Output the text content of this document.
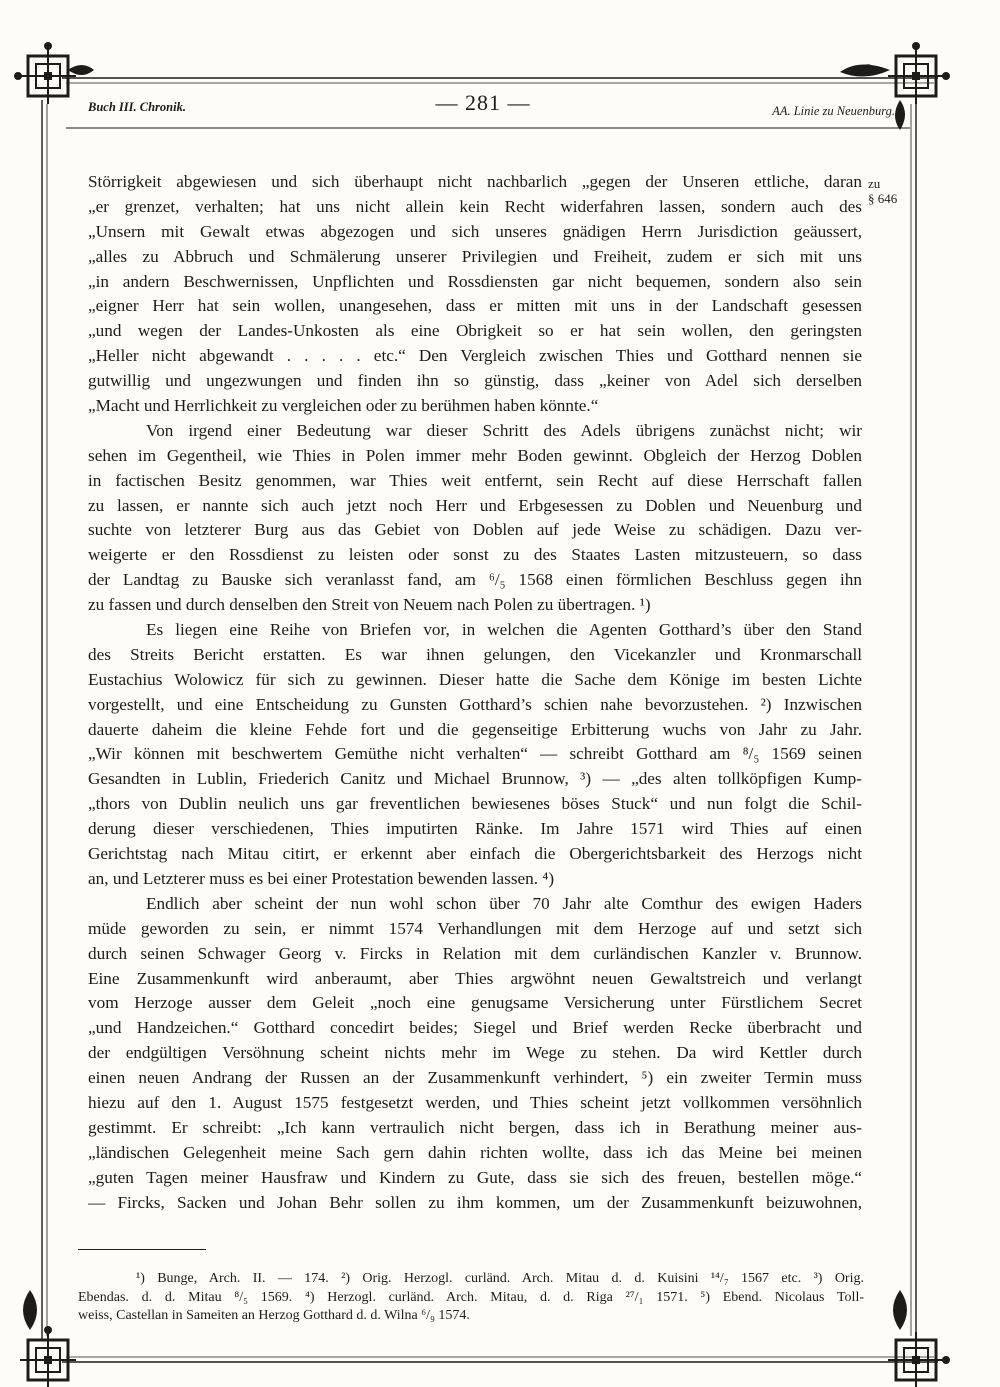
Buch III. Chronik.	— 281 —	AA. Linie zu Neuenburg.
zu
§ 646
Störrigkeit abgewiesen und sich überhaupt nicht nachbarlich „gegen der Unseren ettliche, daran
„er grenzet, verhalten; hat uns nicht allein kein Recht widerfahren lassen, sondern auch des
„Unsern mit Gewalt etwas abgezogen und sich unseres gnädigen Herrn Jurisdiction geäussert,
„alles zu Abbruch und Schmälerung unserer Privilegien und Freiheit, zudem er sich mit uns
„in andern Beschwernissen, Unpflichten und Rossdiensten gar nicht bequemen, sondern also sein
„eigner Herr hat sein wollen, unangesehen, dass er mitten mit uns in der Landschaft gesessen
„und wegen der Landes-Unkosten als eine Obrigkeit so er hat sein wollen, den geringsten
„Heller nicht abgewandt . . . . . etc.“ Den Vergleich zwischen Thies und Gotthard nennen sie
gutwillig und ungezwungen und finden ihn so günstig, dass „keiner von Adel sich derselben
„Macht und Herrlichkeit zu vergleichen oder zu berühmen haben könnte.“
Von irgend einer Bedeutung war dieser Schritt des Adels übrigens zunächst nicht; wir
sehen im Gegentheil, wie Thies in Polen immer mehr Boden gewinnt. Obgleich der Herzog Doblen
in factischen Besitz genommen, war Thies weit entfernt, sein Recht auf diese Herrschaft fallen
zu lassen, er nannte sich auch jetzt noch Herr und Erbgesessen zu Doblen und Neuenburg und
suchte von letzterer Burg aus das Gebiet von Doblen auf jede Weise zu schädigen. Dazu ver-
weigerte er den Rossdienst zu leisten oder sonst zu des Staates Lasten mitzusteuern, so dass
der Landtag zu Bauske sich veranlasst fand, am ⁶/₅ 1568 einen förmlichen Beschluss gegen ihn
zu fassen und durch denselben den Streit von Neuem nach Polen zu übertragen. ¹)
Es liegen eine Reihe von Briefen vor, in welchen die Agenten Gotthard’s über den Stand
des Streits Bericht erstatten. Es war ihnen gelungen, den Vicekanzler und Kronmarschall
Eustachius Wolowicz für sich zu gewinnen. Dieser hatte die Sache dem Könige im besten Lichte
vorgestellt, und eine Entscheidung zu Gunsten Gotthard’s schien nahe bevorzustehen. ²) Inzwischen
dauerte daheim die kleine Fehde fort und die gegenseitige Erbitterung wuchs von Jahr zu Jahr.
„Wir können mit beschwertem Gemüthe nicht verhalten“ — schreibt Gotthard am ⁸/₅ 1569 seinen
Gesandten in Lublin, Friederich Canitz und Michael Brunnow, ³) — „des alten tollköpfigen Kump-
„thors von Dublin neulich uns gar freventlichen bewiesenes böses Stuck“ und nun folgt die Schil-
derung dieser verschiedenen, Thies imputirten Ränke. Im Jahre 1571 wird Thies auf einen
Gerichtstag nach Mitau citirt, er erkennt aber einfach die Obergerichtsbarkeit des Herzogs nicht
an, und Letzterer muss es bei einer Protestation bewenden lassen. ⁴)
Endlich aber scheint der nun wohl schon über 70 Jahr alte Comthur des ewigen Haders
müde geworden zu sein, er nimmt 1574 Verhandlungen mit dem Herzoge auf und setzt sich
durch seinen Schwager Georg v. Fircks in Relation mit dem curländischen Kanzler v. Brunnow.
Eine Zusammenkunft wird anberaumt, aber Thies argwöhnt neuen Gewaltstreich und verlangt
vom Herzoge ausser dem Geleit „noch eine genugsame Versicherung unter Fürstlichem Secret
„und Handzeichen.“ Gotthard concedirt beides; Siegel und Brief werden Recke überbracht und
der endgültigen Versöhnung scheint nichts mehr im Wege zu stehen. Da wird Kettler durch
einen neuen Andrang der Russen an der Zusammenkunft verhindert, ⁵) ein zweiter Termin muss
hiezu auf den 1. August 1575 festgesetzt werden, und Thies scheint jetzt vollkommen versöhnlich
gestimmt. Er schreibt: „Ich kann vertraulich nicht bergen, dass ich in Berathung meiner aus-
„ländischen Gelegenheit meine Sach gern dahin richten wollte, dass ich das Meine bei meinen
„guten Tagen meiner Hausfraw und Kindern zu Gute, dass sie sich des freuen, bestellen möge.“
— Fircks, Sacken und Johan Behr sollen zu ihm kommen, um der Zusammenkunft beizuwohnen,
¹) Bunge, Arch. II. — 174. ²) Orig. Herzogl. curländ. Arch. Mitau d. d. Kuisini ¹⁴/₇ 1567 etc. ³) Orig.
Ebendas. d. d. Mitau ⁸/₅ 1569. ⁴) Herzogl. curländ. Arch. Mitau, d. d. Riga ²⁷/₁ 1571. ⁵) Ebend. Nicolaus Toll-
weiss, Castellan in Sameiten an Herzog Gotthard d. d. Wilna ⁶/₉ 1574.
